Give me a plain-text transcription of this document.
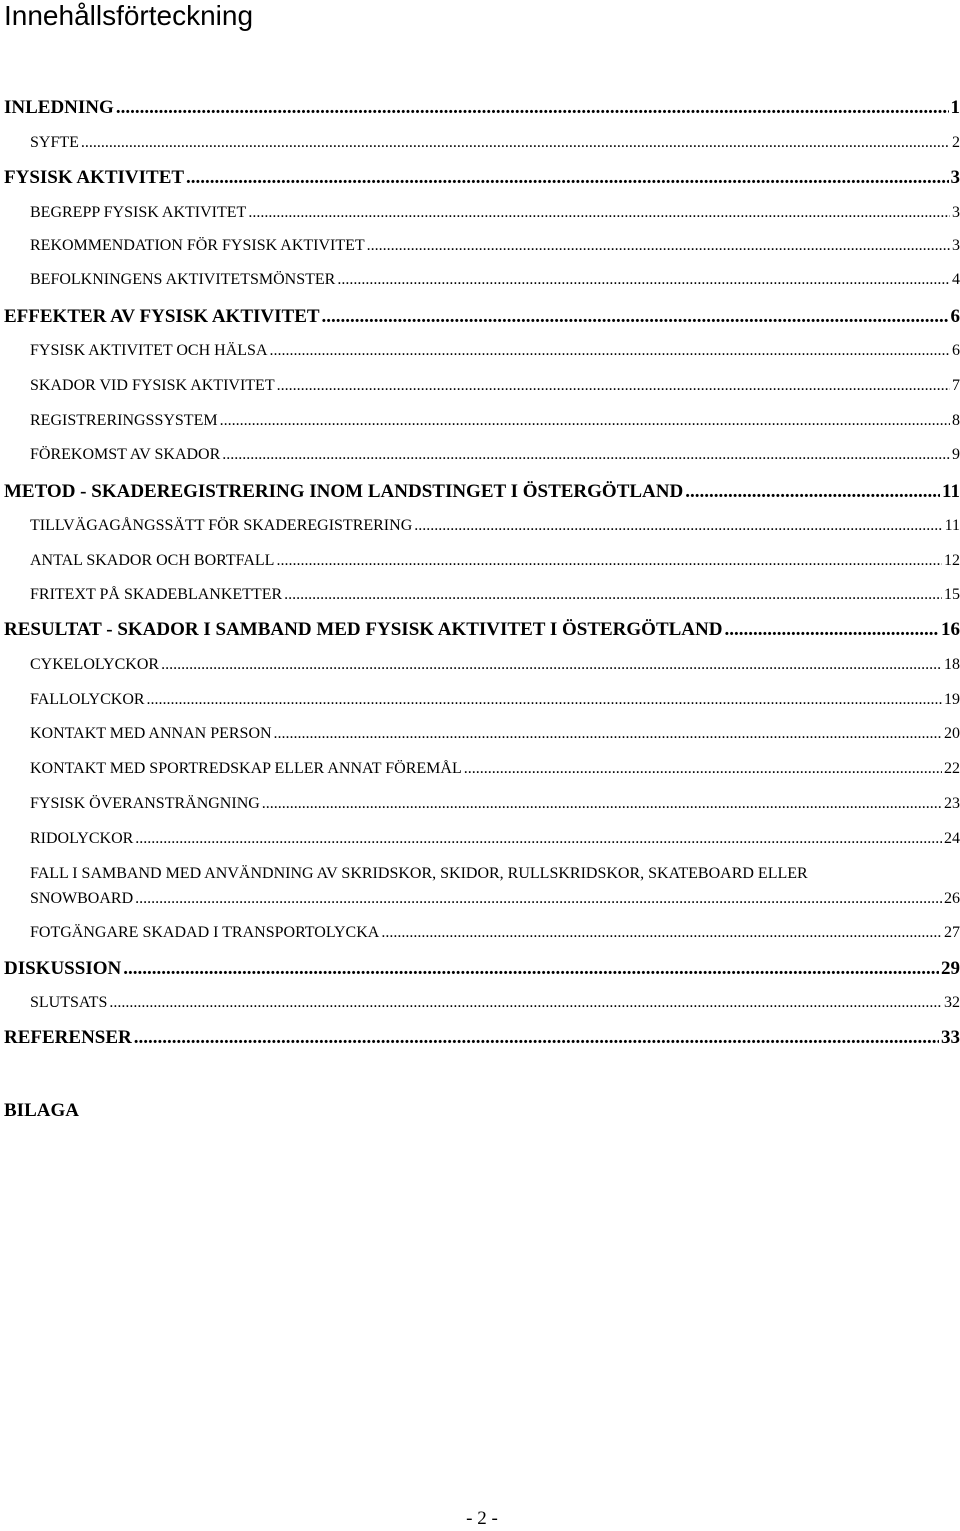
Innehållsförteckning
INLEDNING .....	1
SYFTE .....	2
FYSISK AKTIVITET .....	3
BEGREPP FYSISK AKTIVITET .....	3
REKOMMENDATION FÖR FYSISK AKTIVITET .....	3
BEFOLKNINGENS AKTIVITETSMÖNSTER .....	4
EFFEKTER AV FYSISK AKTIVITET .....	6
FYSISK AKTIVITET OCH HÄLSA .....	6
SKADOR VID FYSISK AKTIVITET .....	7
REGISTRERINGSSYSTEM .....	8
FÖREKOMST AV SKADOR .....	9
METOD - SKADEREGISTRERING INOM LANDSTINGET I ÖSTERGÖTLAND .....	11
TILLVÄGAGÅNGSSÄTT FÖR SKADEREGISTRERING .....	11
ANTAL SKADOR OCH BORTFALL .....	12
FRITEXT PÅ SKADEBLANKETTER .....	15
RESULTAT - SKADOR I SAMBAND MED FYSISK AKTIVITET I ÖSTERGÖTLAND .....	16
CYKELOLYCKOR .....	18
FALLOLYCKOR .....	19
KONTAKT MED ANNAN PERSON .....	20
KONTAKT MED SPORTREDSKAP ELLER ANNAT FÖREMÅL .....	22
FYSISK ÖVERANSTRÄNGNING .....	23
RIDOLYCKOR .....	24
FALL I SAMBAND MED ANVÄNDNING AV SKRIDSKOR, SKIDOR, RULLSKRIDSKOR, SKATEBOARD ELLER
SNOWBOARD .....	26
FOTGÄNGARE SKADAD I TRANSPORTOLYCKA .....	27
DISKUSSION .....	29
SLUTSATS .....	32
REFERENSER .....	33
BILAGA
- 2 -
